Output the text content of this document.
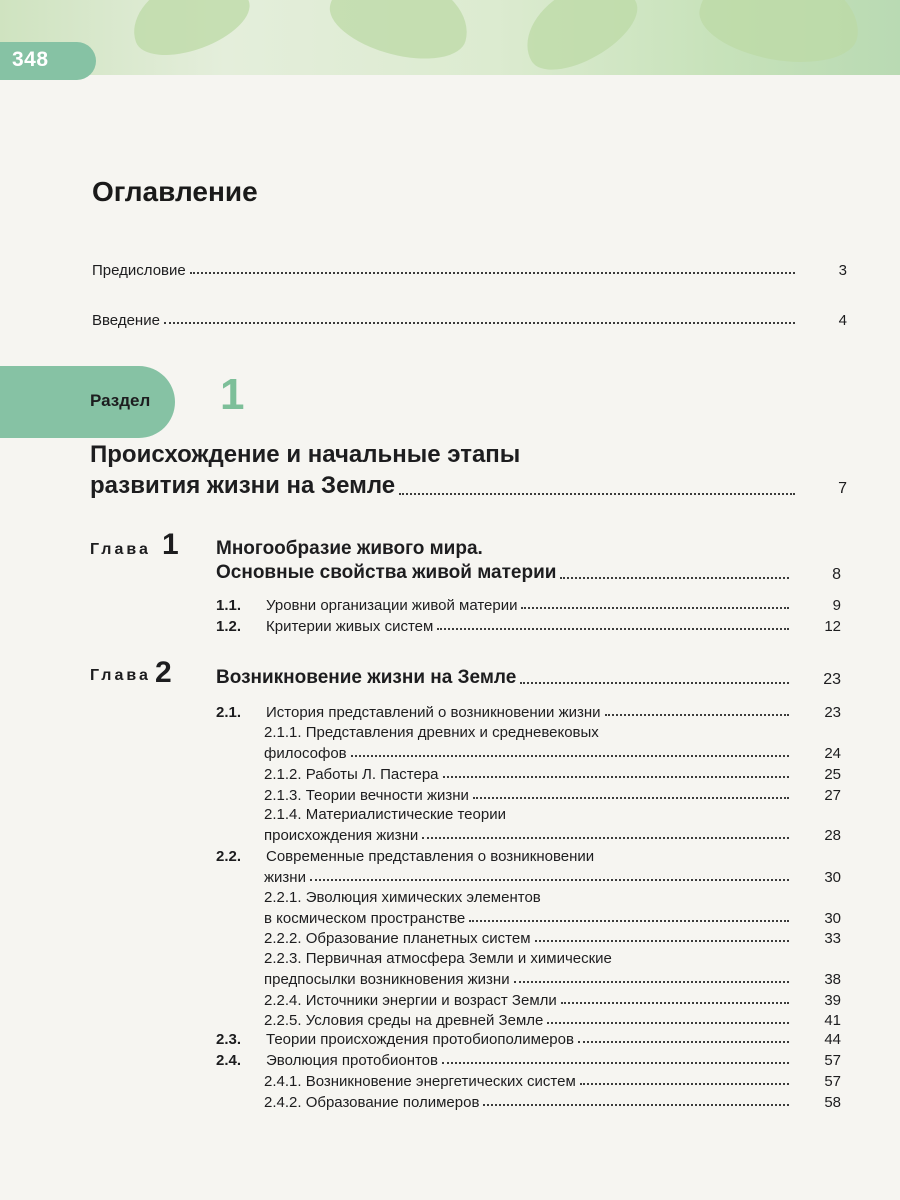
348
Оглавление
Предисловие	3
Введение	4
Раздел 1
Происхождение и начальные этапы
развития жизни на Земле	7
Глава 1 Многообразие живого мира.
Основные свойства живой материи	8
1.1.	Уровни организации живой материи	9
1.2.	Критерии живых систем	12
Глава 2 Возникновение жизни на Земле	23
2.1.	История представлений о возникновении жизни	23
2.1.1. Представления древних и средневековых
философов	24
2.1.2. Работы Л. Пастера	25
2.1.3. Теории вечности жизни	27
2.1.4. Материалистические теории
происхождения жизни	28
2.2. Современные представления о возникновении
жизни	30
2.2.1. Эволюция химических элементов
в космическом пространстве	30
2.2.2. Образование планетных систем	33
2.2.3. Первичная атмосфера Земли и химические
предпосылки возникновения жизни	38
2.2.4. Источники энергии и возраст Земли	39
2.2.5. Условия среды на древней Земле	41
2.3.	Теории происхождения протобиополимеров	44
2.4.	Эволюция протобионтов	57
2.4.1. Возникновение энергетических систем	57
2.4.2. Образование полимеров	58
